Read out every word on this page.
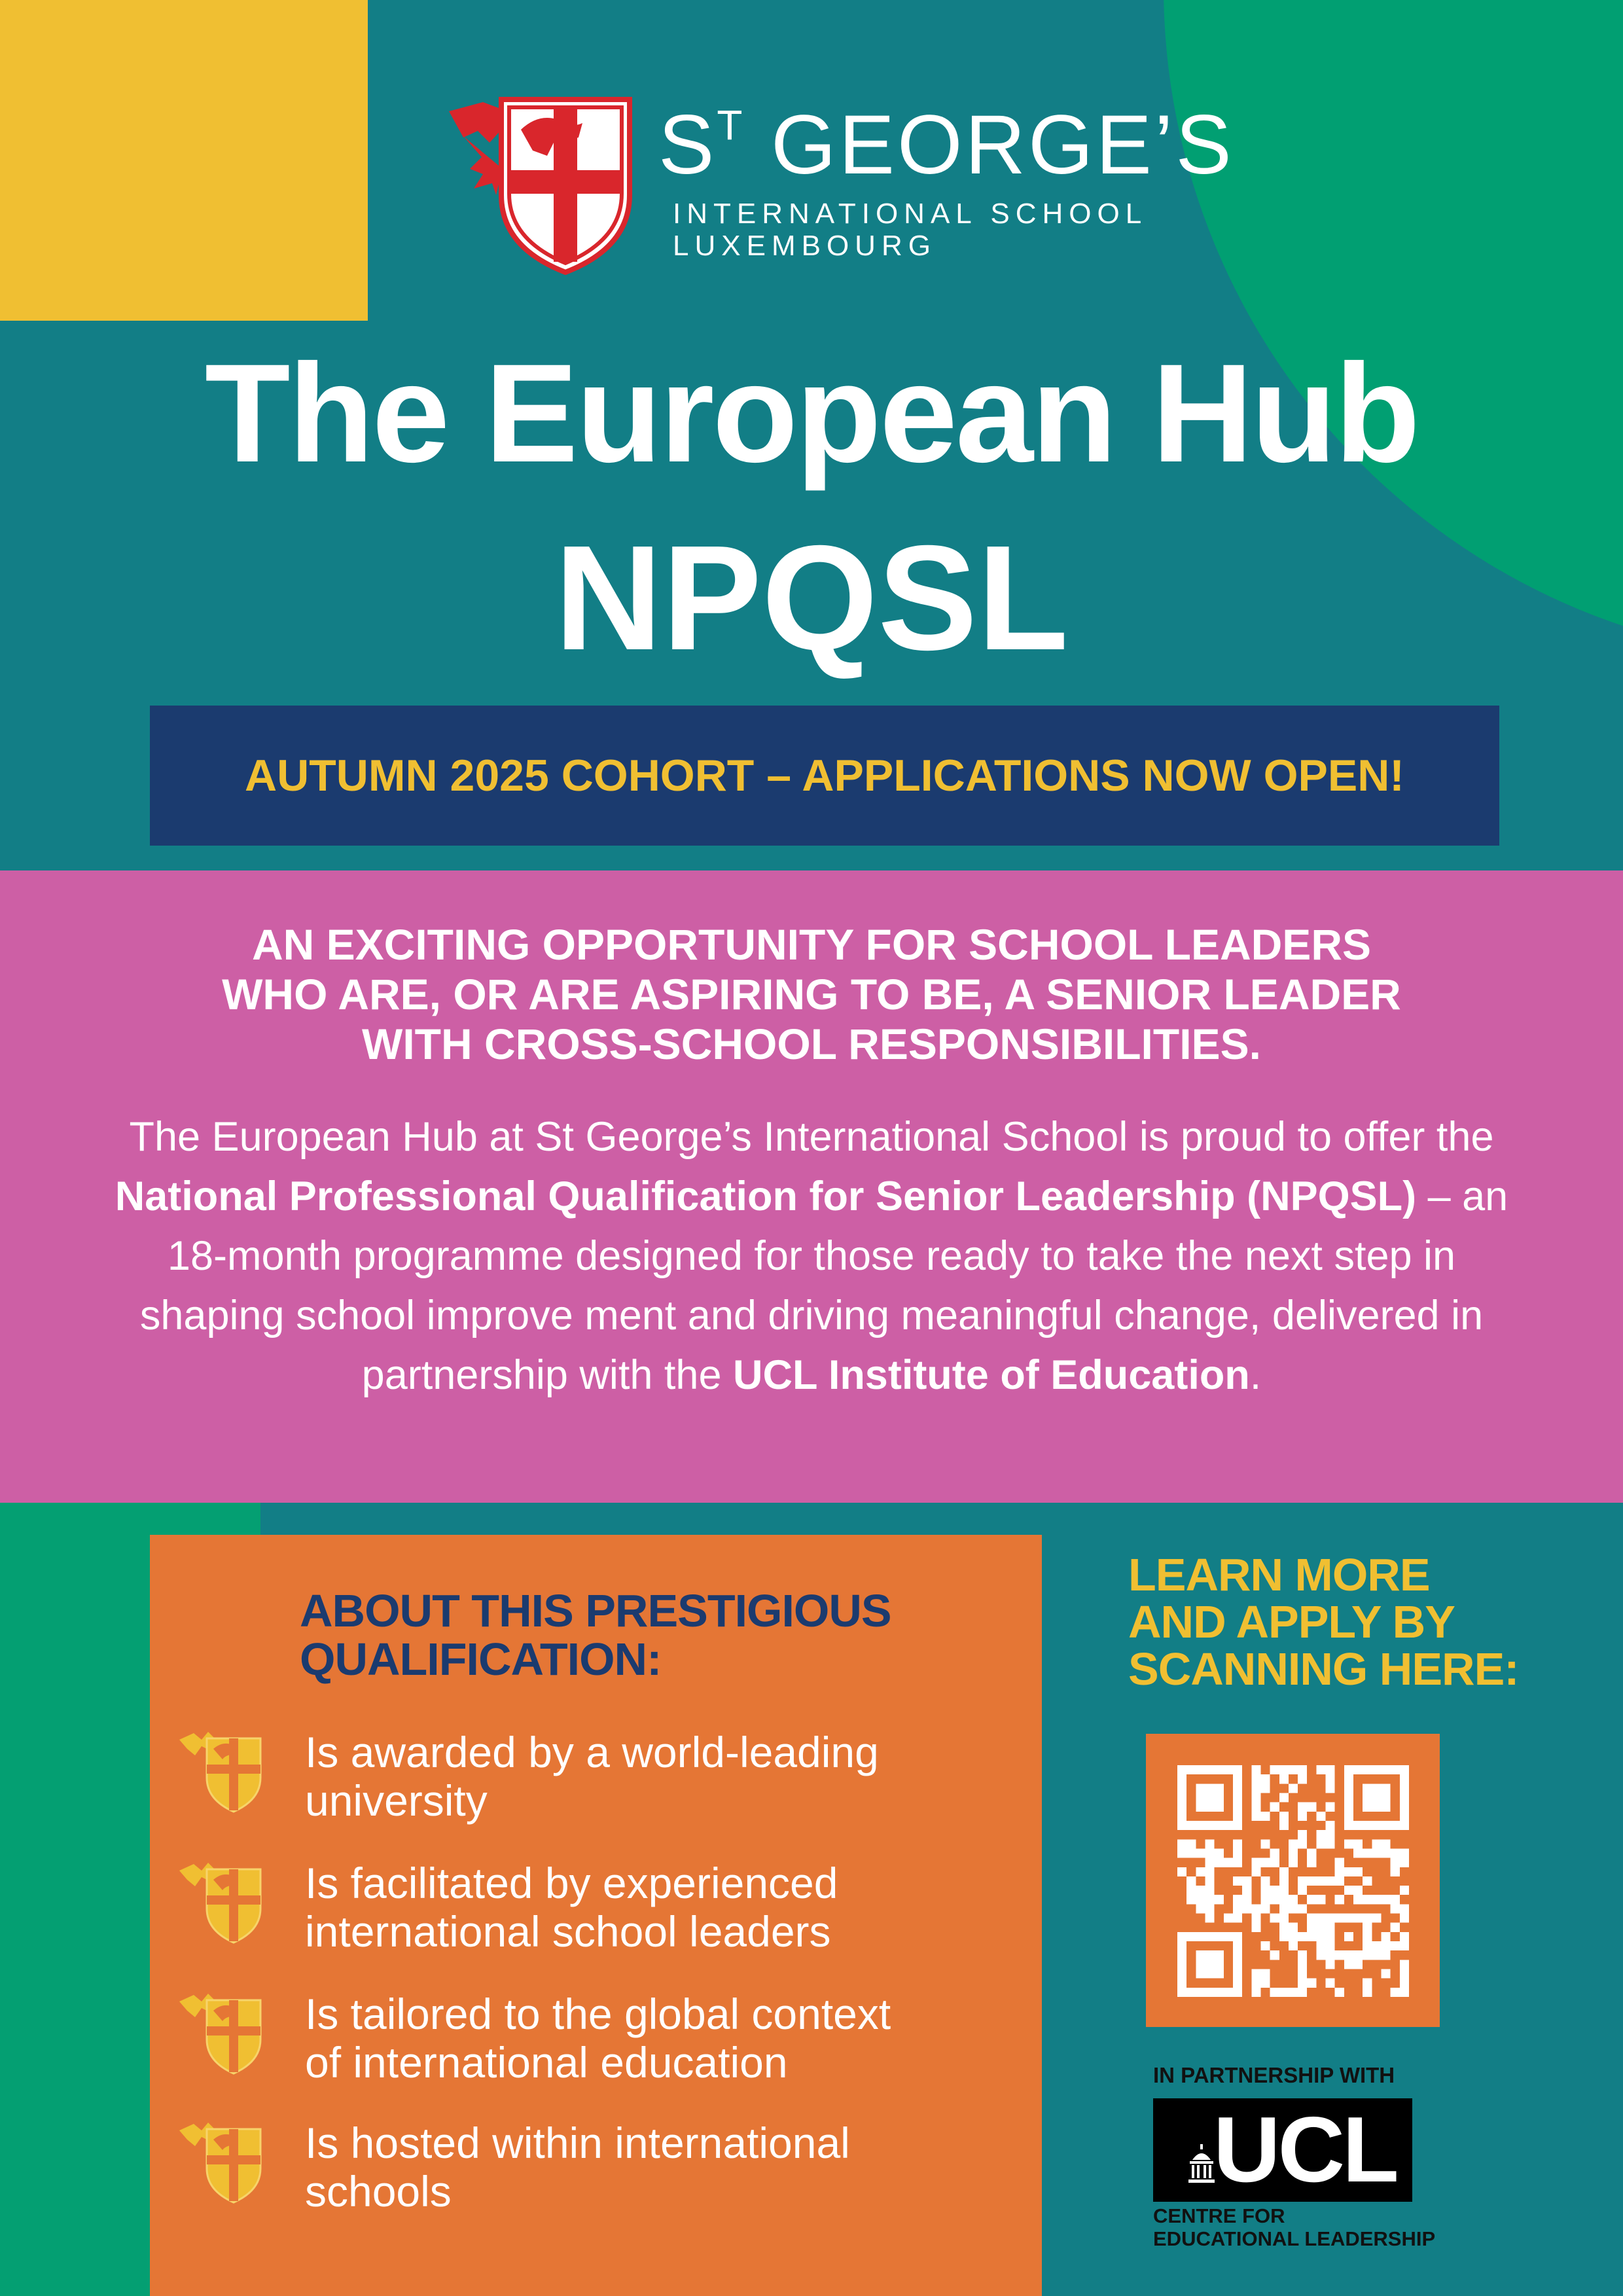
$S^T$ GEORGE’S
INTERNATIONAL SCHOOL
LUXEMBOURG
The European Hub
NPQSL
AUTUMN 2025 COHORT – APPLICATIONS NOW OPEN!
AN EXCITING OPPORTUNITY FOR SCHOOL LEADERS
WHO ARE, OR ARE ASPIRING TO BE, A SENIOR LEADER
WITH CROSS-SCHOOL RESPONSIBILITIES.
The European Hub at St George’s International School is proud to offer the National Professional Qualification for Senior Leadership (NPQSL) – an 18-month programme designed for those ready to take the next step in shaping school improve ment and driving meaningful change, delivered in partnership with the UCL Institute of Education.
ABOUT THIS PRESTIGIOUS
QUALIFICATION:
Is awarded by a world-leading
university
Is facilitated by experienced
international school leaders
Is tailored to the global context
of international education
Is hosted within international
schools
LEARN MORE
AND APPLY BY
SCANNING HERE:
IN PARTNERSHIP WITH
UCL
CENTRE FOR
EDUCATIONAL LEADERSHIP
